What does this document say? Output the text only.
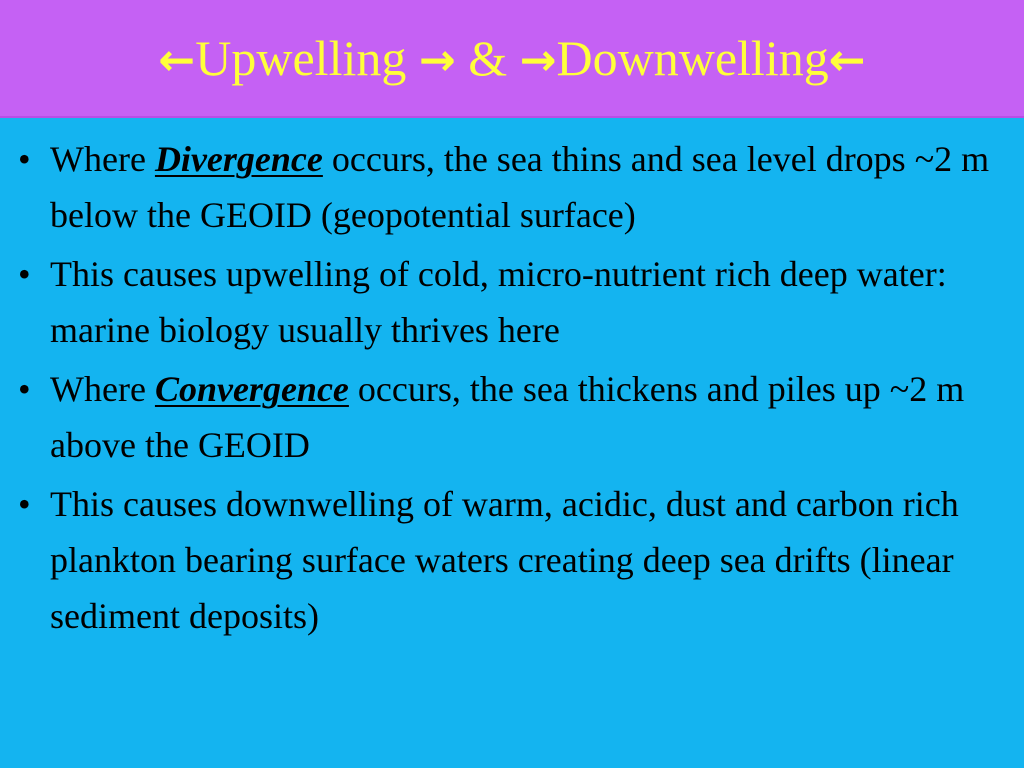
←Upwelling → & →Downwelling←
• Where Divergence occurs, the sea thins and sea level drops ~2 m below the GEOID (geopotential surface)
• This causes upwelling of cold, micro-nutrient rich deep water: marine biology usually thrives here
• Where Convergence occurs, the sea thickens and piles up ~2 m above the GEOID
• This causes downwelling of warm, acidic, dust and carbon rich plankton bearing surface waters creating deep sea drifts (linear sediment deposits)
